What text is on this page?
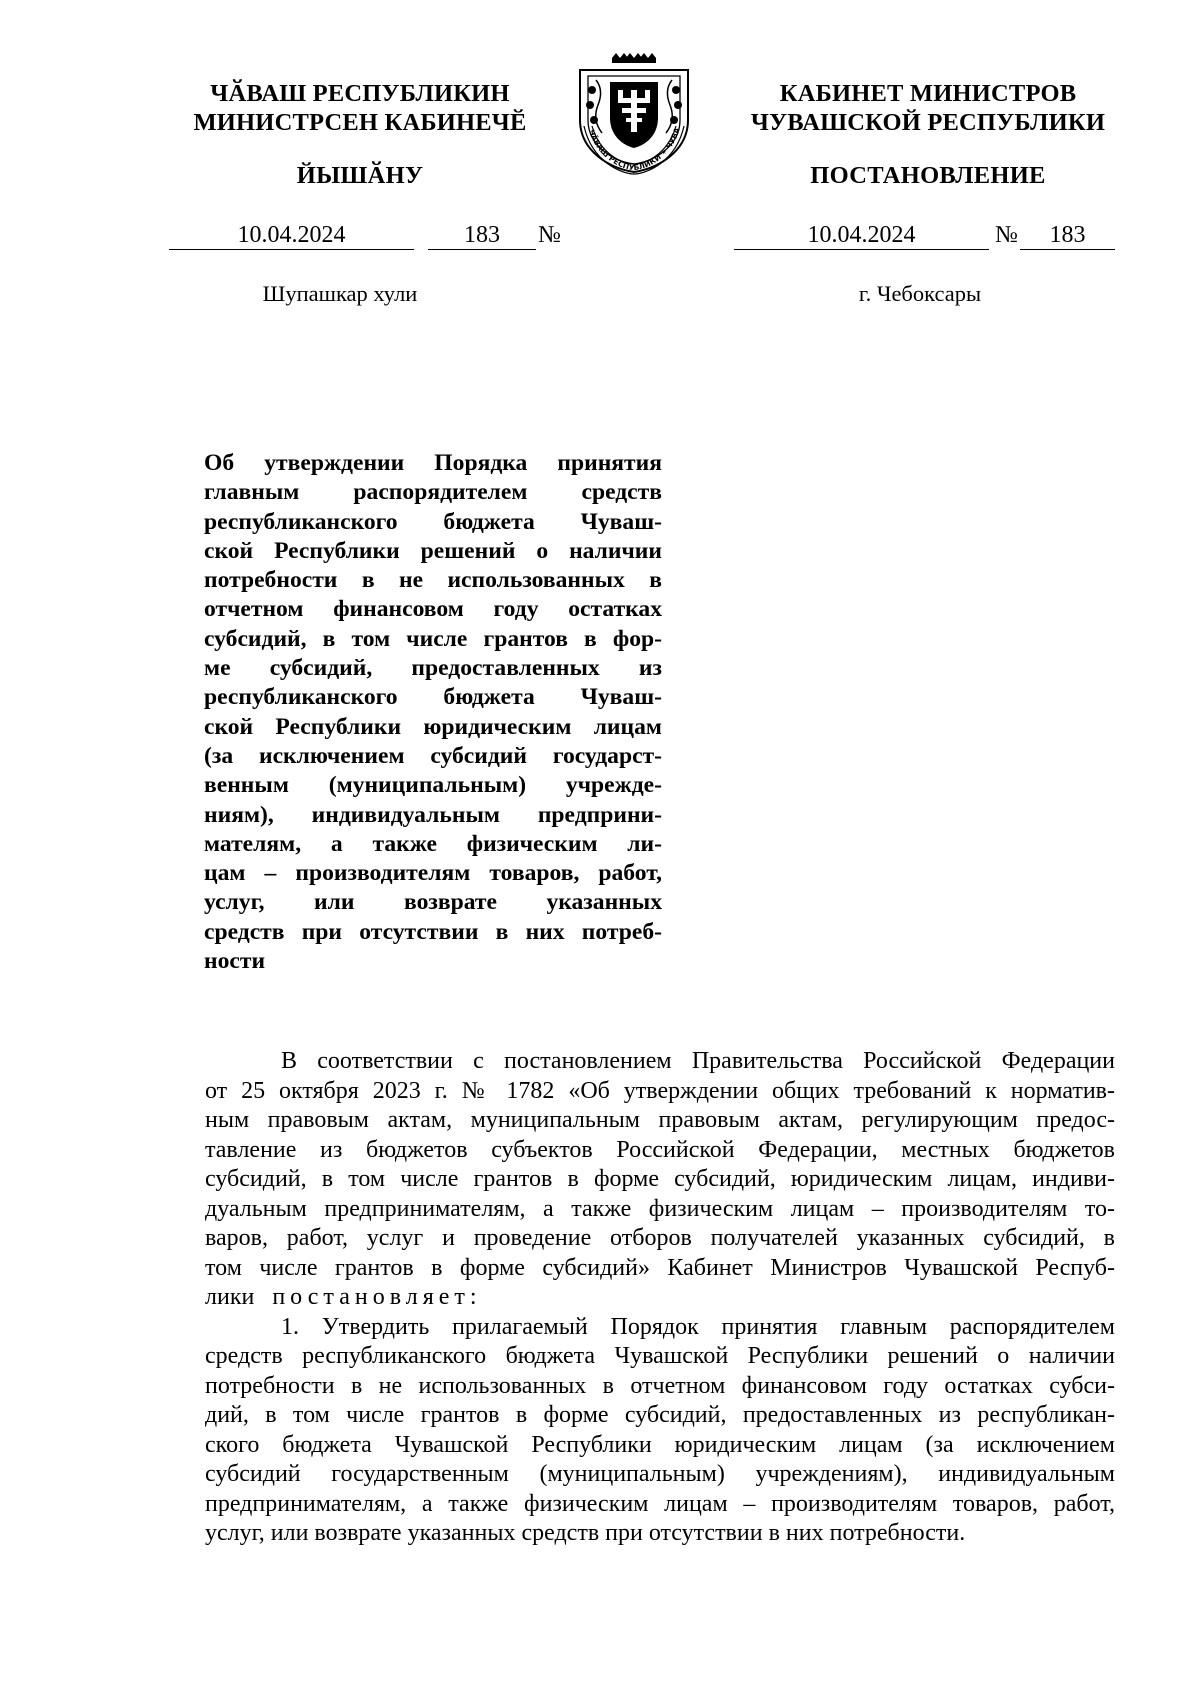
ЧӐВАШ РЕСПУБЛИКИН
МИНИСТРСЕН КАБИНЕЧӖ
ЙЫШӐНУ
КАБИНЕТ МИНИСТРОВ
ЧУВАШСКОЙ РЕСПУБЛИКИ
ПОСТАНОВЛЕНИЕ
ЧӐВАШ РЕСПУБЛИКИ ✶ ЧУВА
10.04.2024	183	№
Шупашкар хули
10.04.2024	№	183
г. Чебоксары
Об утверждении Порядка принятия
главным распорядителем средств
республиканского бюджета Чуваш-
ской Республики решений о наличии
потребности в не использованных в
отчетном финансовом году остатках
субсидий, в том числе грантов в фор-
ме субсидий, предоставленных из
республиканского бюджета Чуваш-
ской Республики юридическим лицам
(за исключением субсидий государст-
венным (муниципальным) учрежде-
ниям), индивидуальным предприни-
мателям, а также физическим ли-
цам – производителям товаров, работ,
услуг, или возврате указанных
средств при отсутствии в них потреб-
ности
В соответствии с постановлением Правительства Российской Федерации
от 25 октября 2023 г. № 1782 «Об утверждении общих требований к норматив-
ным правовым актам, муниципальным правовым актам, регулирующим предос-
тавление из бюджетов субъектов Российской Федерации, местных бюджетов
субсидий, в том числе грантов в форме субсидий, юридическим лицам, индиви-
дуальным предпринимателям, а также физическим лицам – производителям то-
варов, работ, услуг и проведение отборов получателей указанных субсидий, в
том числе грантов в форме субсидий» Кабинет Министров Чувашской Респуб-
лики постановляет:
1. Утвердить прилагаемый Порядок принятия главным распорядителем
средств республиканского бюджета Чувашской Республики решений о наличии
потребности в не использованных в отчетном финансовом году остатках субси-
дий, в том числе грантов в форме субсидий, предоставленных из республикан-
ского бюджета Чувашской Республики юридическим лицам (за исключением
субсидий государственным (муниципальным) учреждениям), индивидуальным
предпринимателям, а также физическим лицам – производителям товаров, работ,
услуг, или возврате указанных средств при отсутствии в них потребности.
